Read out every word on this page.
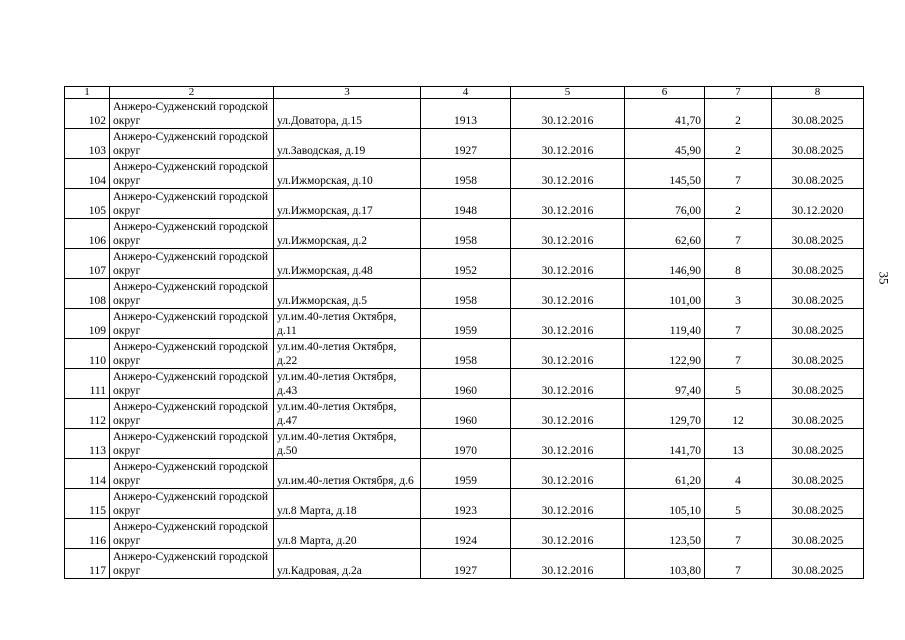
1	2	3	4	5	6	7	8
102	Анжеро-Судженский городской округ	ул.Доватора, д.15	1913	30.12.2016	41,70	2	30.08.2025
103	Анжеро-Судженский городской округ	ул.Заводская, д.19	1927	30.12.2016	45,90	2	30.08.2025
104	Анжеро-Судженский городской округ	ул.Ижморская, д.10	1958	30.12.2016	145,50	7	30.08.2025
105	Анжеро-Судженский городской округ	ул.Ижморская, д.17	1948	30.12.2016	76,00	2	30.12.2020
106	Анжеро-Судженский городской округ	ул.Ижморская, д.2	1958	30.12.2016	62,60	7	30.08.2025
107	Анжеро-Судженский городской округ	ул.Ижморская, д.48	1952	30.12.2016	146,90	8	30.08.2025
108	Анжеро-Судженский городской округ	ул.Ижморская, д.5	1958	30.12.2016	101,00	3	30.08.2025
109	Анжеро-Судженский городской округ	ул.им.40-летия Октября, д.11	1959	30.12.2016	119,40	7	30.08.2025
110	Анжеро-Судженский городской округ	ул.им.40-летия Октября, д.22	1958	30.12.2016	122,90	7	30.08.2025
111	Анжеро-Судженский городской округ	ул.им.40-летия Октября, д.43	1960	30.12.2016	97,40	5	30.08.2025
112	Анжеро-Судженский городской округ	ул.им.40-летия Октября, д.47	1960	30.12.2016	129,70	12	30.08.2025
113	Анжеро-Судженский городской округ	ул.им.40-летия Октября, д.50	1970	30.12.2016	141,70	13	30.08.2025
114	Анжеро-Судженский городской округ	ул.им.40-летия Октября, д.6	1959	30.12.2016	61,20	4	30.08.2025
115	Анжеро-Судженский городской округ	ул.8 Марта, д.18	1923	30.12.2016	105,10	5	30.08.2025
116	Анжеро-Судженский городской округ	ул.8 Марта, д.20	1924	30.12.2016	123,50	7	30.08.2025
117	Анжеро-Судженский городской округ	ул.Кадровая, д.2а	1927	30.12.2016	103,80	7	30.08.2025
35
